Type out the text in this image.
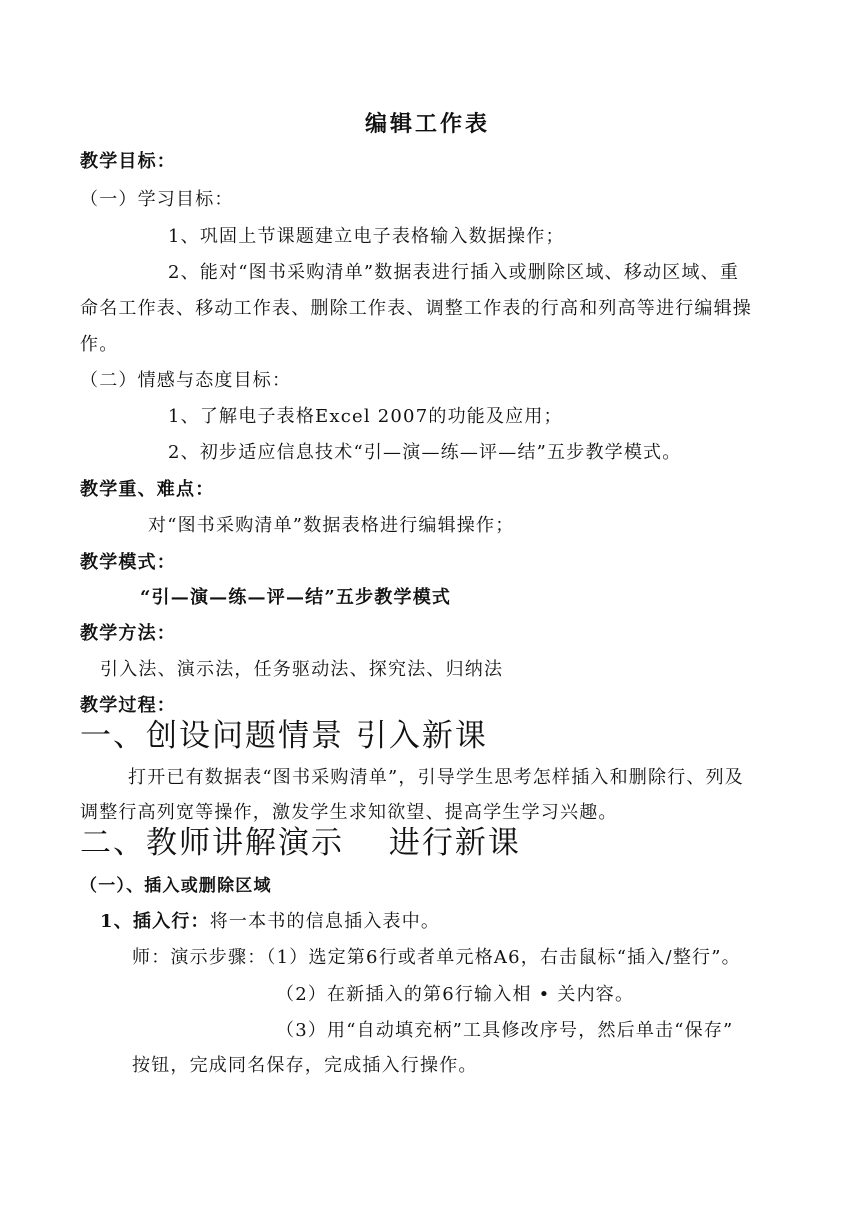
编辑工作表
教学目标：
（一）学习目标：
1、巩固上节课题建立电子表格输入数据操作；
2、能对“图书采购清单”数据表进行插入或删除区域、移动区域、重
命名工作表、移动工作表、删除工作表、调整工作表的行高和列高等进行编辑操
作。
（二）情感与态度目标：
1、了解电子表格Excel 2007的功能及应用；
2、初步适应信息技术“引—演—练—评—结”五步教学模式。
教学重、难点：
对“图书采购清单”数据表格进行编辑操作；
教学模式：
“引—演—练—评—结”五步教学模式
教学方法：
引入法、演示法，任务驱动法、探究法、归纳法
教学过程：
一、创设问题情景 引入新课
打开已有数据表“图书采购清单”，引导学生思考怎样插入和删除行、列及
调整行高列宽等操作，激发学生求知欲望、提高学生学习兴趣。
二、教师讲解演示　 进行新课
（一）、插入或删除区域
1、插入行：将一本书的信息插入表中。
师：演示步骤：（1）选定第6行或者单元格A6，右击鼠标“插入/整行”。
（2）在新插入的第6行输入相 • 关内容。
（3）用“自动填充柄”工具修改序号，然后单击“保存”
按钮，完成同名保存，完成插入行操作。
